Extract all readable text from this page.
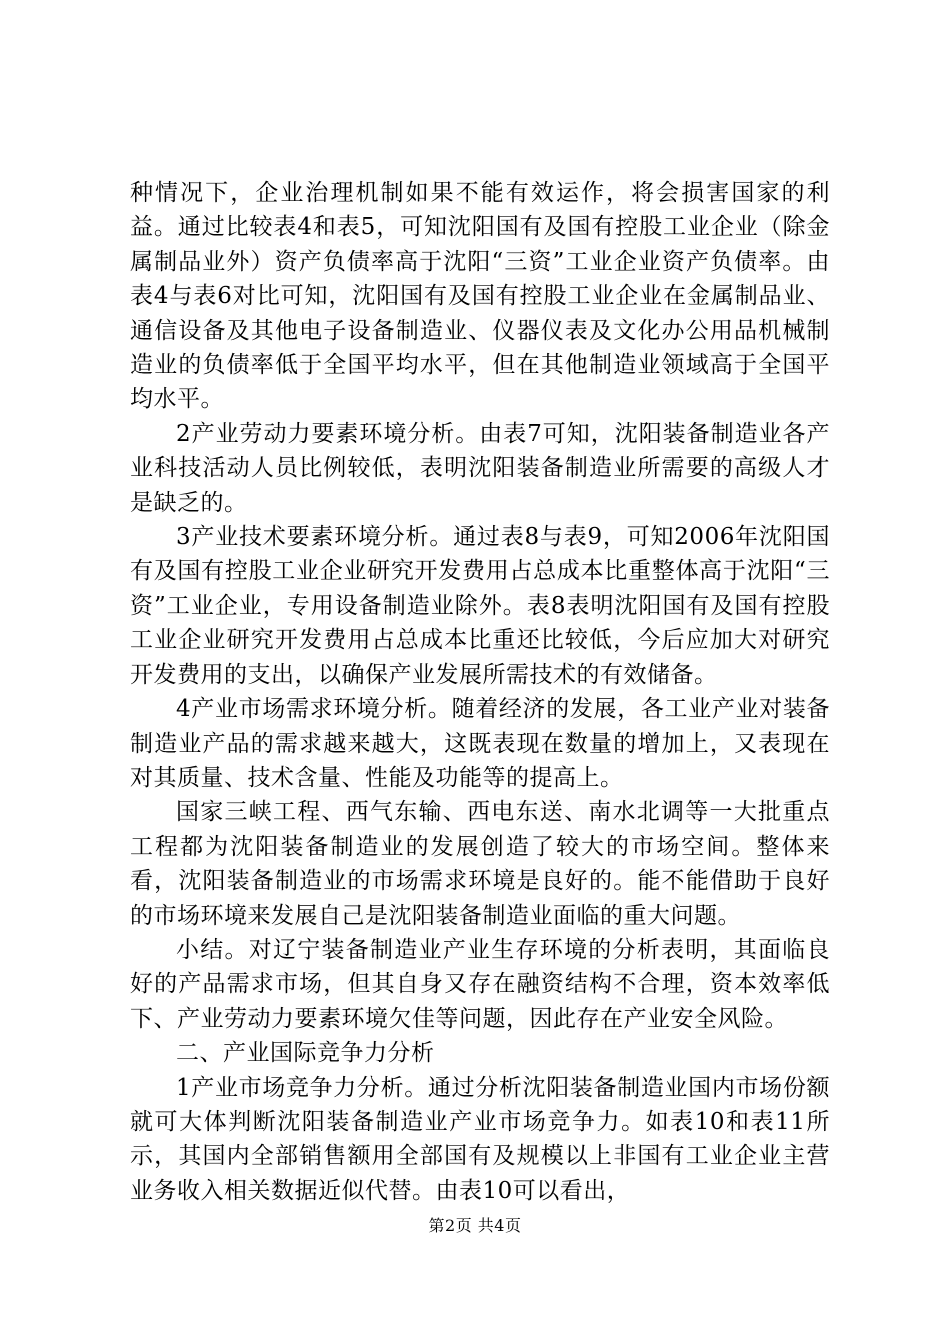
种情况下，企业治理机制如果不能有效运作，将会损害国家的利益。通过比较表4和表5，可知沈阳国有及国有控股工业企业（除金属制品业外）资产负债率高于沈阳“三资”工业企业资产负债率。由表4与表6对比可知，沈阳国有及国有控股工业企业在金属制品业、通信设备及其他电子设备制造业、仪器仪表及文化办公用品机械制造业的负债率低于全国平均水平，但在其他制造业领域高于全国平均水平。

2产业劳动力要素环境分析。由表7可知，沈阳装备制造业各产业科技活动人员比例较低，表明沈阳装备制造业所需要的高级人才是缺乏的。

3产业技术要素环境分析。通过表8与表9，可知2006年沈阳国有及国有控股工业企业研究开发费用占总成本比重整体高于沈阳“三资”工业企业，专用设备制造业除外。表8表明沈阳国有及国有控股工业企业研究开发费用占总成本比重还比较低，今后应加大对研究开发费用的支出，以确保产业发展所需技术的有效储备。

4产业市场需求环境分析。随着经济的发展，各工业产业对装备制造业产品的需求越来越大，这既表现在数量的增加上，又表现在对其质量、技术含量、性能及功能等的提高上。

国家三峡工程、西气东输、西电东送、南水北调等一大批重点工程都为沈阳装备制造业的发展创造了较大的市场空间。整体来看，沈阳装备制造业的市场需求环境是良好的。能不能借助于良好的市场环境来发展自己是沈阳装备制造业面临的重大问题。

小结。对辽宁装备制造业产业生存环境的分析表明，其面临良好的产品需求市场，但其自身又存在融资结构不合理，资本效率低下、产业劳动力要素环境欠佳等问题，因此存在产业安全风险。

二、产业国际竞争力分析

1产业市场竞争力分析。通过分析沈阳装备制造业国内市场份额就可大体判断沈阳装备制造业产业市场竞争力。如表10和表11所示，其国内全部销售额用全部国有及规模以上非国有工业企业主营业务收入相关数据近似代替。由表10可以看出，

第2页 共4页
